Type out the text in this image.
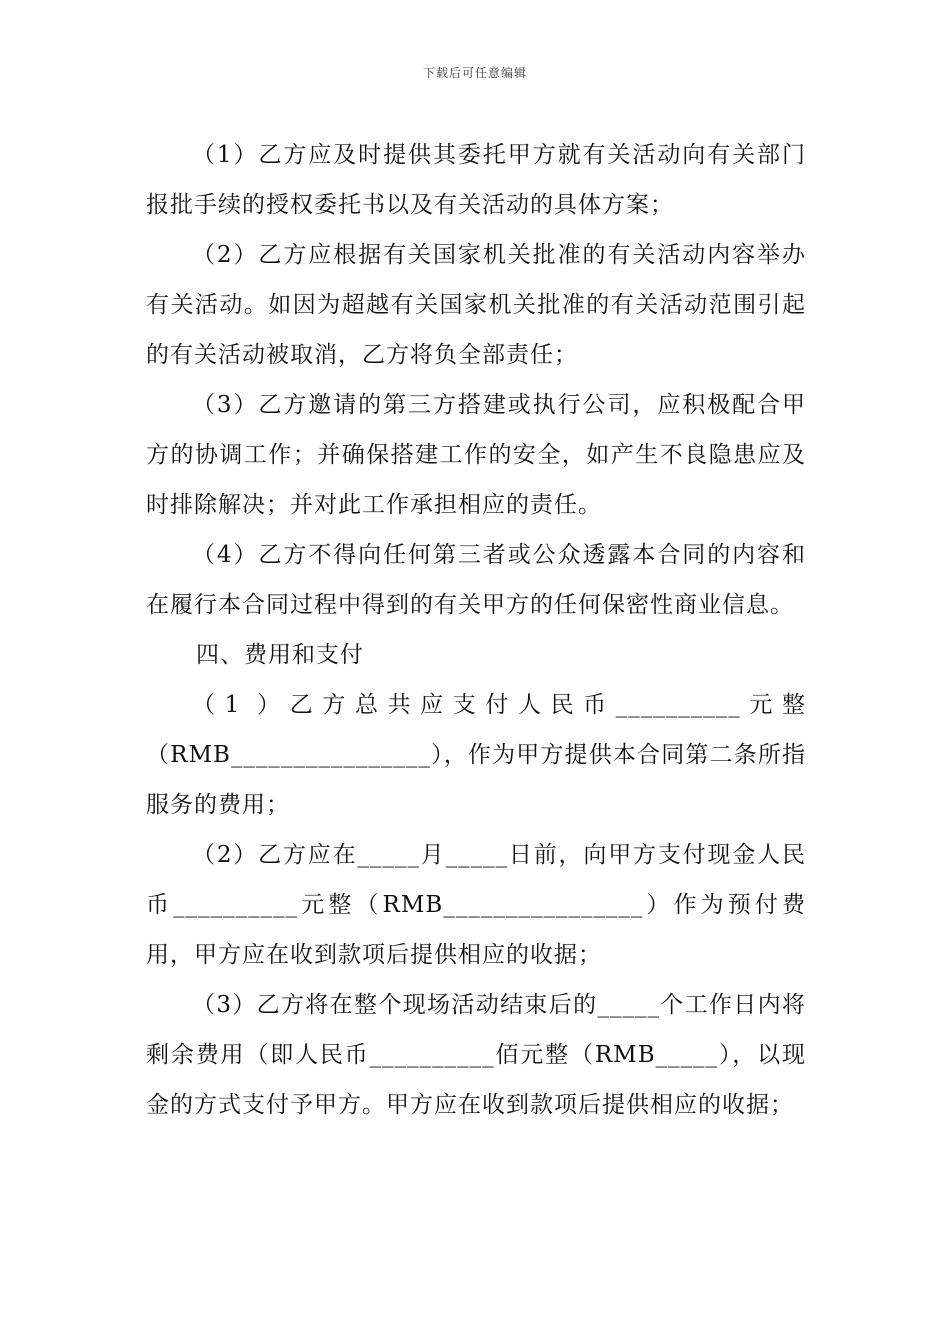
下载后可任意编辑

（1）乙方应及时提供其委托甲方就有关活动向有关部门报批手续的授权委托书以及有关活动的具体方案；

（2）乙方应根据有关国家机关批准的有关活动内容举办有关活动。如因为超越有关国家机关批准的有关活动范围引起的有关活动被取消，乙方将负全部责任；

（3）乙方邀请的第三方搭建或执行公司，应积极配合甲方的协调工作；并确保搭建工作的安全，如产生不良隐患应及时排除解决；并对此工作承担相应的责任。

（4）乙方不得向任何第三者或公众透露本合同的内容和在履行本合同过程中得到的有关甲方的任何保密性商业信息。

四、费用和支付

（1 ）乙方总共应支付人民币__________元整（RMB________________），作为甲方提供本合同第二条所指服务的费用；

（2）乙方应在_____月_____日前，向甲方支付现金人民币__________元整（RMB________________）作为预付费用，甲方应在收到款项后提供相应的收据；

（3）乙方将在整个现场活动结束后的_____个工作日内将剩余费用（即人民币__________佰元整（RMB_____），以现金的方式支付予甲方。甲方应在收到款项后提供相应的收据；
